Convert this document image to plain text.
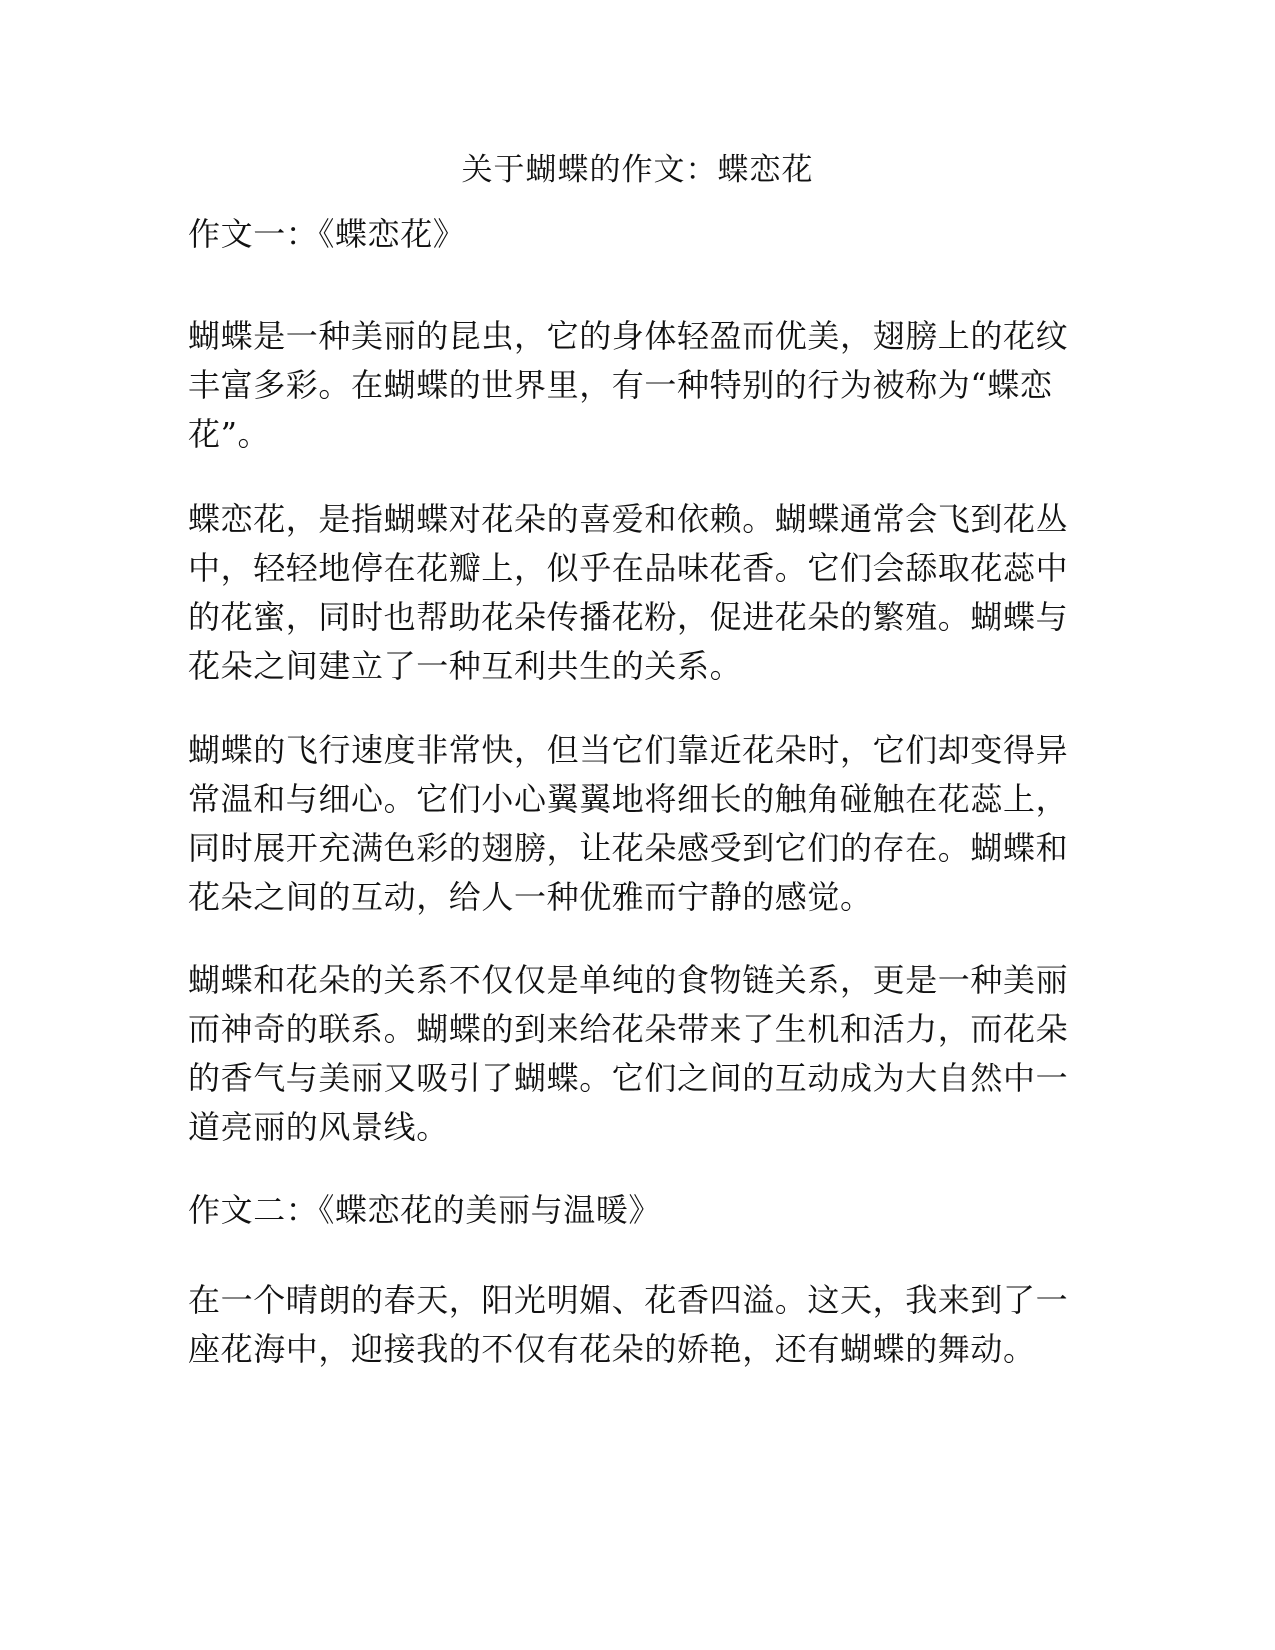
关于蝴蝶的作文：蝶恋花

作文一：《蝶恋花》

蝴蝶是一种美丽的昆虫，它的身体轻盈而优美，翅膀上的花纹丰富多彩。在蝴蝶的世界里，有一种特别的行为被称为“蝶恋花”。

蝶恋花，是指蝴蝶对花朵的喜爱和依赖。蝴蝶通常会飞到花丛中，轻轻地停在花瓣上，似乎在品味花香。它们会舔取花蕊中的花蜜，同时也帮助花朵传播花粉，促进花朵的繁殖。蝴蝶与花朵之间建立了一种互利共生的关系。

蝴蝶的飞行速度非常快，但当它们靠近花朵时，它们却变得异常温和与细心。它们小心翼翼地将细长的触角碰触在花蕊上，同时展开充满色彩的翅膀，让花朵感受到它们的存在。蝴蝶和花朵之间的互动，给人一种优雅而宁静的感觉。

蝴蝶和花朵的关系不仅仅是单纯的食物链关系，更是一种美丽而神奇的联系。蝴蝶的到来给花朵带来了生机和活力，而花朵的香气与美丽又吸引了蝴蝶。它们之间的互动成为大自然中一道亮丽的风景线。

作文二：《蝶恋花的美丽与温暖》

在一个晴朗的春天，阳光明媚、花香四溢。这天，我来到了一座花海中，迎接我的不仅有花朵的娇艳，还有蝴蝶的舞动。
